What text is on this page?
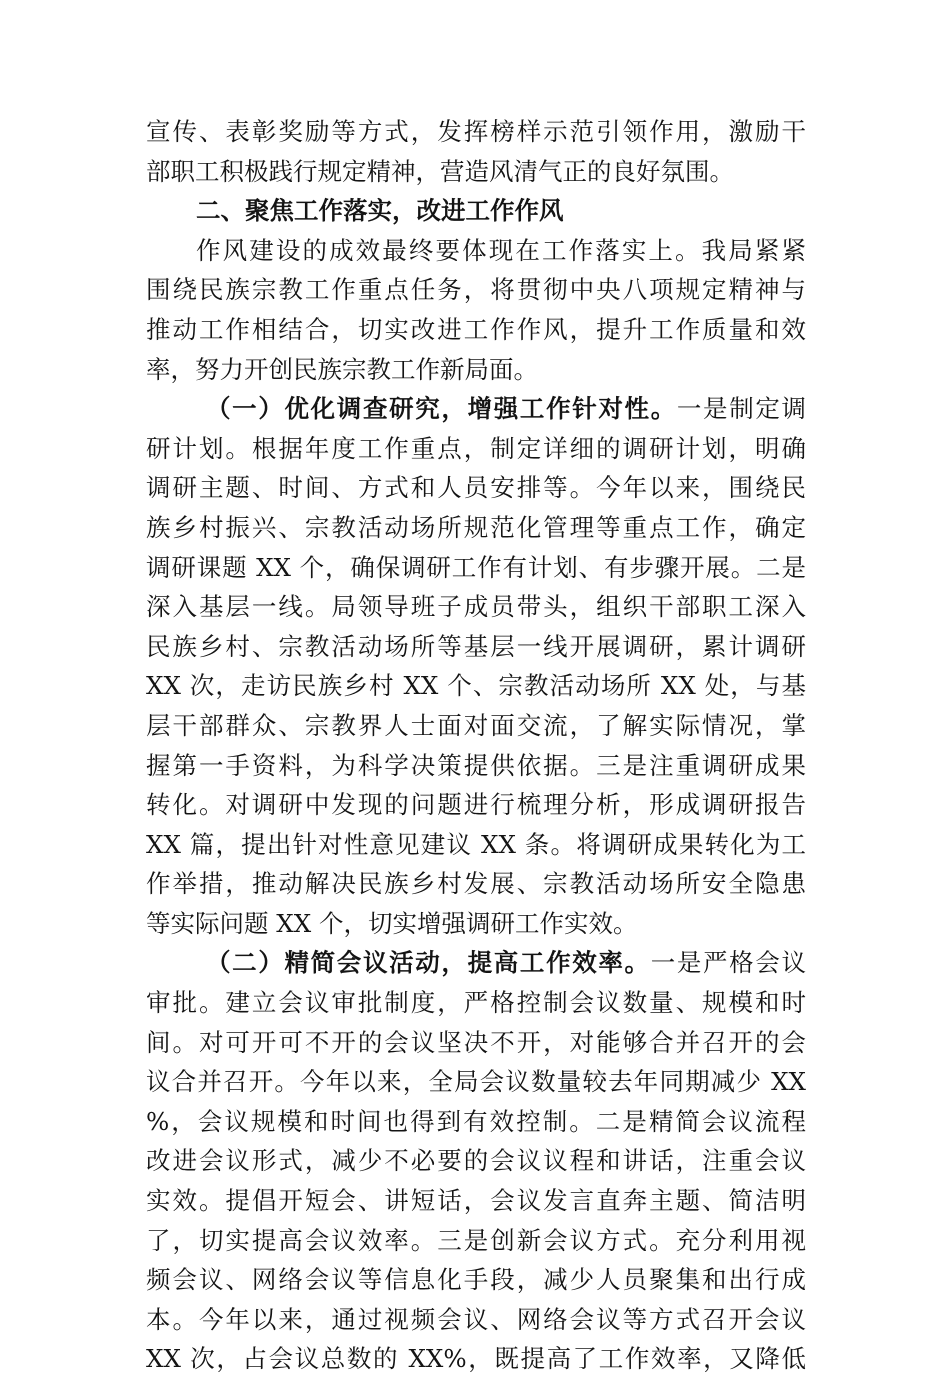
宣传、表彰奖励等方式，发挥榜样示范引领作用，激励干
部职工积极践行规定精神，营造风清气正的良好氛围。
二、聚焦工作落实，改进工作作风
作风建设的成效最终要体现在工作落实上。我局紧紧
围绕民族宗教工作重点任务，将贯彻中央八项规定精神与
推动工作相结合，切实改进工作作风，提升工作质量和效
率，努力开创民族宗教工作新局面。
（一）优化调查研究，增强工作针对性。一是制定调
研计划。根据年度工作重点，制定详细的调研计划，明确
调研主题、时间、方式和人员安排等。今年以来，围绕民
族乡村振兴、宗教活动场所规范化管理等重点工作，确定
调研课题 XX 个，确保调研工作有计划、有步骤开展。二是
深入基层一线。局领导班子成员带头，组织干部职工深入
民族乡村、宗教活动场所等基层一线开展调研，累计调研
XX 次，走访民族乡村 XX 个、宗教活动场所 XX 处，与基
层干部群众、宗教界人士面对面交流，了解实际情况，掌
握第一手资料，为科学决策提供依据。三是注重调研成果
转化。对调研中发现的问题进行梳理分析，形成调研报告
XX 篇，提出针对性意见建议 XX 条。将调研成果转化为工
作举措，推动解决民族乡村发展、宗教活动场所安全隐患
等实际问题 XX 个，切实增强调研工作实效。
（二）精简会议活动，提高工作效率。一是严格会议
审批。建立会议审批制度，严格控制会议数量、规模和时
间。对可开可不开的会议坚决不开，对能够合并召开的会
议合并召开。今年以来，全局会议数量较去年同期减少 XX
%，会议规模和时间也得到有效控制。二是精简会议流程
改进会议形式，减少不必要的会议议程和讲话，注重会议
实效。提倡开短会、讲短话，会议发言直奔主题、简洁明
了，切实提高会议效率。三是创新会议方式。充分利用视
频会议、网络会议等信息化手段，减少人员聚集和出行成
本。今年以来，通过视频会议、网络会议等方式召开会议
XX 次，占会议总数的 XX%，既提高了工作效率，又降低
